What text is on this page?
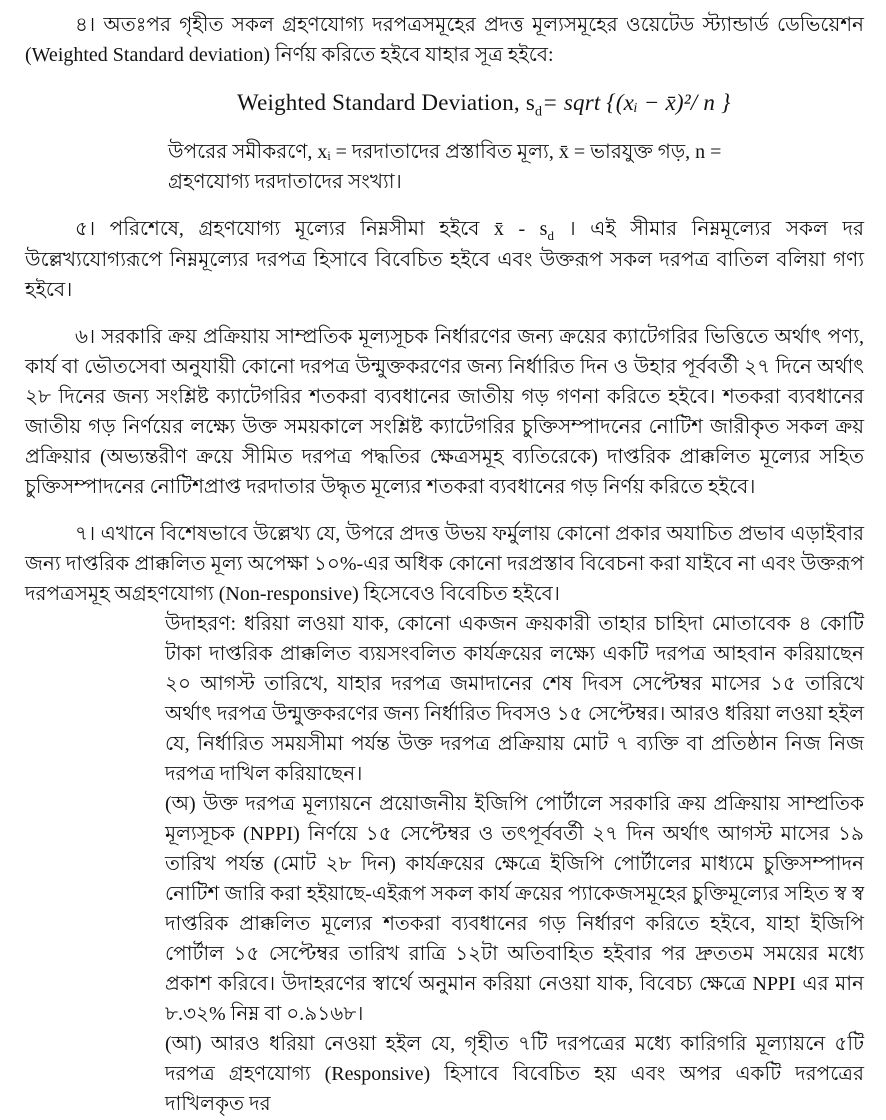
৪। অতঃপর গৃহীত সকল গ্রহণযোগ্য দরপত্রসমূহের প্রদত্ত মূল্যসমূহের ওয়েটেড স্ট্যান্ডার্ড ডেভিয়েশন (Weighted Standard deviation) নির্ণয় করিতে হইবে যাহার সূত্র হইবে:

Weighted Standard Deviation, $s_d=$ sqrt {(xᵢ − x̄)²/ n }

উপরের সমীকরণে, xᵢ = দরদাতাদের প্রস্তাবিত মূল্য, x̄ = ভারযুক্ত গড়, n = গ্রহণযোগ্য দরদাতাদের সংখ্যা।

৫। পরিশেষে, গ্রহণযোগ্য মূল্যের নিম্নসীমা হইবে x̄ - $s_d$ । এই সীমার নিম্নমূল্যের সকল দর উল্লেখ্যযোগ্যরূপে নিম্নমূল্যের দরপত্র হিসাবে বিবেচিত হইবে এবং উক্তরূপ সকল দরপত্র বাতিল বলিয়া গণ্য হইবে।

৬। সরকারি ক্রয় প্রক্রিয়ায় সাম্প্রতিক মূল্যসূচক নির্ধারণের জন্য ক্রয়ের ক্যাটেগরির ভিত্তিতে অর্থাৎ পণ্য, কার্য বা ভৌতসেবা অনুযায়ী কোনো দরপত্র উন্মুক্তকরণের জন্য নির্ধারিত দিন ও উহার পূর্ববর্তী ২৭ দিনে অর্থাৎ ২৮ দিনের জন্য সংশ্লিষ্ট ক্যাটেগরির শতকরা ব্যবধানের জাতীয় গড় গণনা করিতে হইবে। শতকরা ব্যবধানের জাতীয় গড় নির্ণয়ের লক্ষ্যে উক্ত সময়কালে সংশ্লিষ্ট ক্যাটেগরির চুক্তিসম্পাদনের নোটিশ জারীকৃত সকল ক্রয় প্রক্রিয়ার (অভ্যন্তরীণ ক্রয়ে সীমিত দরপত্র পদ্ধতির ক্ষেত্রসমূহ ব্যতিরেকে) দাপ্তরিক প্রাক্কলিত মূল্যের সহিত চুক্তিসম্পাদনের নোটিশপ্রাপ্ত দরদাতার উদ্ধৃত মূল্যের শতকরা ব্যবধানের গড় নির্ণয় করিতে হইবে।

৭। এখানে বিশেষভাবে উল্লেখ্য যে, উপরে প্রদত্ত উভয় ফর্মুলায় কোনো প্রকার অযাচিত প্রভাব এড়াইবার জন্য দাপ্তরিক প্রাক্কলিত মূল্য অপেক্ষা ১০%-এর অধিক কোনো দরপ্রস্তাব বিবেচনা করা যাইবে না এবং উক্তরূপ দরপত্রসমূহ অগ্রহণযোগ্য (Non-responsive) হিসেবেও বিবেচিত হইবে।

উদাহরণ: ধরিয়া লওয়া যাক, কোনো একজন ক্রয়কারী তাহার চাহিদা মোতাবেক ৪ কোটি টাকা দাপ্তরিক প্রাক্কলিত ব্যয়সংবলিত কার্যক্রয়ের লক্ষ্যে একটি দরপত্র আহবান করিয়াছেন ২০ আগস্ট তারিখে, যাহার দরপত্র জমাদানের শেষ দিবস সেপ্টেম্বর মাসের ১৫ তারিখে অর্থাৎ দরপত্র উন্মুক্তকরণের জন্য নির্ধারিত দিবসও ১৫ সেপ্টেম্বর। আরও ধরিয়া লওয়া হইল যে, নির্ধারিত সময়সীমা পর্যন্ত উক্ত দরপত্র প্রক্রিয়ায় মোট ৭ ব্যক্তি বা প্রতিষ্ঠান নিজ নিজ দরপত্র দাখিল করিয়াছেন।

(অ) উক্ত দরপত্র মূল্যায়নে প্রয়োজনীয় ইজিপি পোর্টালে সরকারি ক্রয় প্রক্রিয়ায় সাম্প্রতিক মূল্যসূচক (NPPI) নির্ণয়ে ১৫ সেপ্টেম্বর ও তৎপূর্ববর্তী ২৭ দিন অর্থাৎ আগস্ট মাসের ১৯ তারিখ পর্যন্ত (মোট ২৮ দিন) কার্যক্রয়ের ক্ষেত্রে ইজিপি পোর্টালের মাধ্যমে চুক্তিসম্পাদন নোটিশ জারি করা হইয়াছে-এইরূপ সকল কার্য ক্রয়ের প্যাকেজসমূহের চুক্তিমূল্যের সহিত স্ব স্ব দাপ্তরিক প্রাক্কলিত মূল্যের শতকরা ব্যবধানের গড় নির্ধারণ করিতে হইবে, যাহা ইজিপি পোর্টাল ১৫ সেপ্টেম্বর তারিখ রাত্রি ১২টা অতিবাহিত হইবার পর দ্রুততম সময়ের মধ্যে প্রকাশ করিবে। উদাহরণের স্বার্থে অনুমান করিয়া নেওয়া যাক, বিবেচ্য ক্ষেত্রে NPPI এর মান ৮.৩২% নিম্ন বা ০.৯১৬৮।

(আ) আরও ধরিয়া নেওয়া হইল যে, গৃহীত ৭টি দরপত্রের মধ্যে কারিগরি মূল্যায়নে ৫টি দরপত্র গ্রহণযোগ্য (Responsive) হিসাবে বিবেচিত হয় এবং অপর একটি দরপত্রের দাখিলকৃত দর
